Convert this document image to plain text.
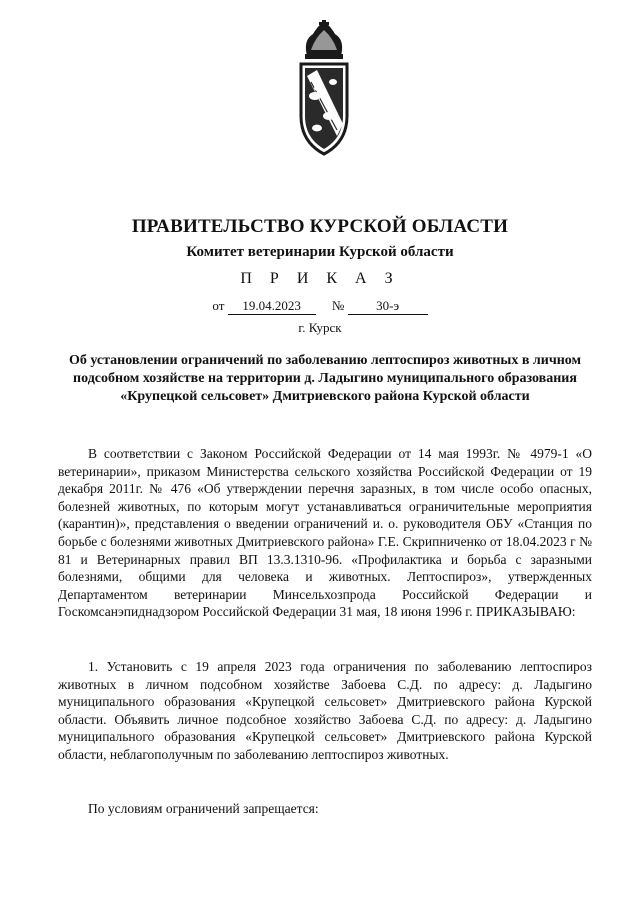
ПРАВИТЕЛЬСТВО КУРСКОЙ ОБЛАСТИ
Комитет ветеринарии Курской области
П Р И К А З
от 19.04.2023 № 30-э
г. Курск
Об установлении ограничений по заболеванию лептоспироз животных в личном подсобном хозяйстве на территории д. Ладыгино муниципального образования «Крупецкой сельсовет» Дмитриевского района Курской области
В соответствии с Законом Российской Федерации от 14 мая 1993г. № 4979-1 «О ветеринарии», приказом Министерства сельского хозяйства Российской Федерации от 19 декабря 2011г. № 476 «Об утверждении перечня заразных, в том числе особо опасных, болезней животных, по которым могут устанавливаться ограничительные мероприятия (карантин)», представления о введении ограничений и. о. руководителя ОБУ «Станция по борьбе с болезнями животных Дмитриевского района» Г.Е. Скрипниченко от 18.04.2023 г № 81 и Ветеринарных правил ВП 13.3.1310-96. «Профилактика и борьба с заразными болезнями, общими для человека и животных. Лептоспироз», утвержденных Департаментом ветеринарии Минсельхозпрода Российской Федерации и Госкомсанэпиднадзором Российской Федерации 31 мая, 18 июня 1996 г. ПРИКАЗЫВАЮ:
1. Установить с 19 апреля 2023 года ограничения по заболеванию лептоспироз животных в личном подсобном хозяйстве Забоева С.Д. по адресу: д. Ладыгино муниципального образования «Крупецкой сельсовет» Дмитриевского района Курской области. Объявить личное подсобное хозяйство Забоева С.Д. по адресу: д. Ладыгино муниципального образования «Крупецкой сельсовет» Дмитриевского района Курской области, неблагополучным по заболеванию лептоспироз животных.
По условиям ограничений запрещается:
